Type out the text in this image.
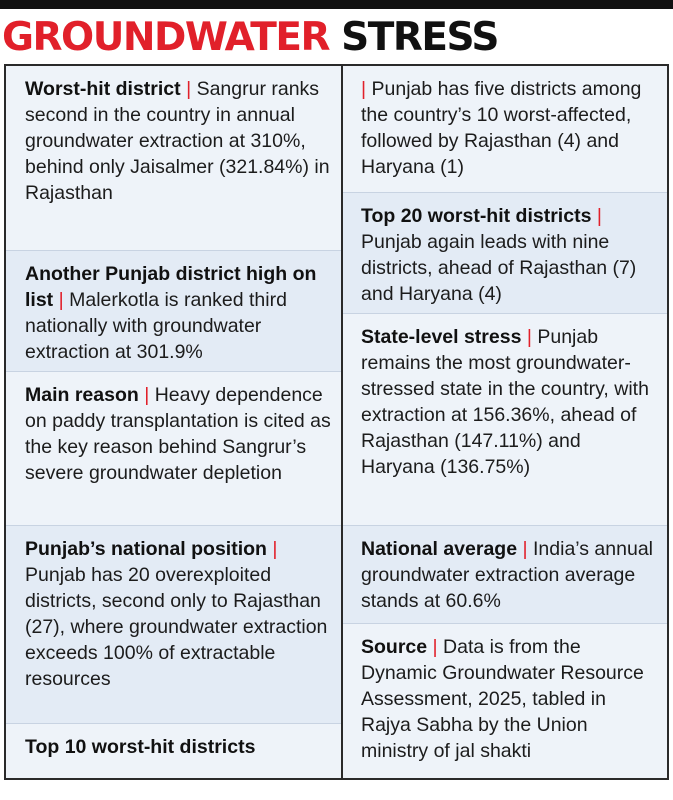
GROUNDWATER STRESS
Worst-hit district | Sangrur ranks second in the country in annual groundwater extraction at 310%, behind only Jaisalmer (321.84%) in Rajasthan
Another Punjab district high on list | Malerkotla is ranked third nationally with groundwater extraction at 301.9%
Main reason | Heavy dependence on paddy transplantation is cited as the key reason behind Sangrur’s severe groundwater depletion
Punjab’s national position | Punjab has 20 overexploited districts, second only to Rajasthan (27), where groundwater extraction exceeds 100% of extractable resources
Top 10 worst-hit districts
| Punjab has five districts among the country’s 10 worst-affected, followed by Rajasthan (4) and Haryana (1)
Top 20 worst-hit districts | Punjab again leads with nine districts, ahead of Rajasthan (7) and Haryana (4)
State-level stress | Punjab remains the most groundwater-stressed state in the country, with extraction at 156.36%, ahead of Rajasthan (147.11%) and Haryana (136.75%)
National average | India’s annual groundwater extraction average stands at 60.6%
Source | Data is from the Dynamic Groundwater Resource Assessment, 2025, tabled in Rajya Sabha by the Union ministry of jal shakti
